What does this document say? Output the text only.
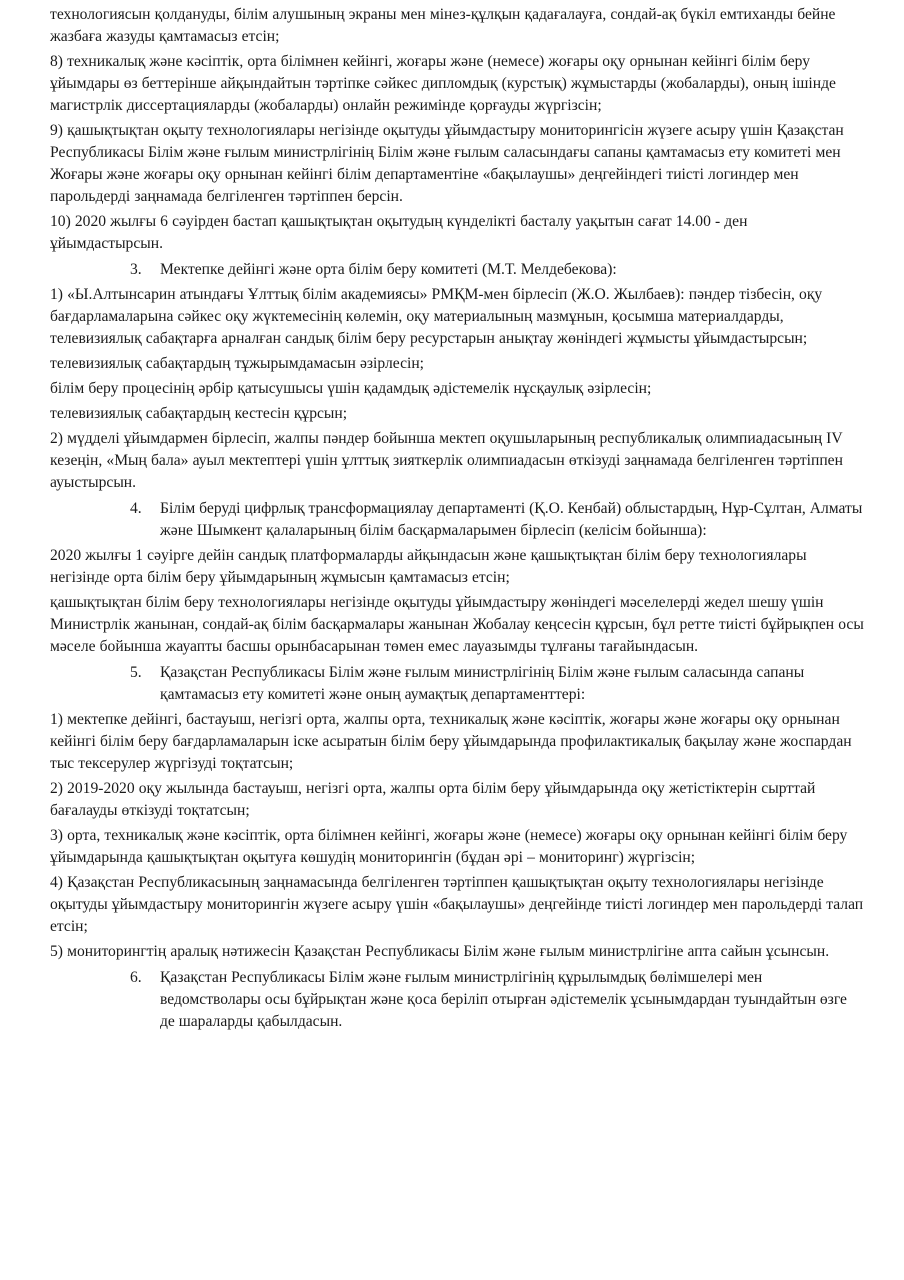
технологиясын қолдануды, білім алушының экраны мен мінез-құлқын қадағалауға, сондай-ақ бүкіл емтиханды бейне жазбаға жазуды қамтамасыз етсін;

8) техникалық және кәсіптік, орта білімнен кейінгі, жоғары және (немесе) жоғары оқу орнынан кейінгі білім беру ұйымдары өз беттерінше айқындайтын тәртіпке сәйкес дипломдық (курстық) жұмыстарды (жобаларды), оның ішінде магистрлік диссертацияларды (жобаларды) онлайн режимінде қорғауды жүргізсін;

9) қашықтықтан оқыту технологиялары негізінде оқытуды ұйымдастыру мониторингісін жүзеге асыру үшін Қазақстан Республикасы Білім және ғылым министрлігінің Білім және ғылым саласындағы сапаны қамтамасыз ету комитеті мен Жоғары және жоғары оқу орнынан кейінгі білім департаментіне «бақылаушы» деңгейіндегі тиісті логиндер мен парольдерді заңнамада белгіленген тәртіппен берсін.

10) 2020 жылғы 6 сәуірден бастап қашықтықтан оқытудың күнделікті басталу уақытын сағат 14.00 - ден ұйымдастырсын.

3. Мектепке дейінгі және орта білім беру комитеті (М.Т. Мелдебекова):

1) «Ы.Алтынсарин атындағы Ұлттық білім академиясы» РМҚМ-мен бірлесіп (Ж.О. Жылбаев): пәндер тізбесін, оқу бағдарламаларына сәйкес оқу жүктемесінің көлемін, оқу материалының мазмұнын, қосымша материалдарды, телевизиялық сабақтарға арналған сандық білім беру ресурстарын анықтау жөніндегі жұмысты ұйымдастырсын;

телевизиялық сабақтардың тұжырымдамасын әзірлесін;

білім беру процесінің әрбір қатысушысы үшін қадамдық әдістемелік нұсқаулық әзірлесін;

телевизиялық сабақтардың кестесін құрсын;

2) мүдделі ұйымдармен бірлесіп, жалпы пәндер бойынша мектеп оқушыларының республикалық олимпиадасының IV кезеңін, «Мың бала» ауыл мектептері үшін ұлттық зияткерлік олимпиадасын өткізуді заңнамада белгіленген тәртіппен ауыстырсын.

4. Білім беруді цифрлық трансформациялау департаменті (Қ.О. Кенбай) облыстардың, Нұр-Сұлтан, Алматы және Шымкент қалаларының білім басқармаларымен бірлесіп (келісім бойынша):

2020 жылғы 1 сәуірге дейін сандық платформаларды айқындасын және қашықтықтан білім беру технологиялары негізінде орта білім беру ұйымдарының жұмысын қамтамасыз етсін;

қашықтықтан білім беру технологиялары негізінде оқытуды ұйымдастыру жөніндегі мәселелерді жедел шешу үшін Министрлік жанынан, сондай-ақ білім басқармалары жанынан Жобалау кеңсесін құрсын, бұл ретте тиісті бұйрықпен осы мәселе бойынша жауапты басшы орынбасарынан төмен емес лауазымды тұлғаны тағайындасын.

5. Қазақстан Республикасы Білім және ғылым министрлігінің Білім және ғылым саласында сапаны қамтамасыз ету комитеті және оның аумақтық департаменттері:

1) мектепке дейінгі, бастауыш, негізгі орта, жалпы орта, техникалық және кәсіптік, жоғары және жоғары оқу орнынан кейінгі білім беру бағдарламаларын іске асыратын білім беру ұйымдарында профилактикалық бақылау және жоспардан тыс тексерулер жүргізуді тоқтатсын;

2) 2019-2020 оқу жылында бастауыш, негізгі орта, жалпы орта білім беру ұйымдарында оқу жетістіктерін сырттай бағалауды өткізуді тоқтатсын;

3) орта, техникалық және кәсіптік, орта білімнен кейінгі, жоғары және (немесе) жоғары оқу орнынан кейінгі білім беру ұйымдарында қашықтықтан оқытуға көшудің мониторингін (бұдан әрі – мониторинг) жүргізсін;

4) Қазақстан Республикасының заңнамасында белгіленген тәртіппен қашықтықтан оқыту технологиялары негізінде оқытуды ұйымдастыру мониторингін жүзеге асыру үшін «бақылаушы» деңгейінде тиісті логиндер мен парольдерді талап етсін;

5) мониторингтің аралық нәтижесін Қазақстан Республикасы Білім және ғылым министрлігіне апта сайын ұсынсын.

6. Қазақстан Республикасы Білім және ғылым министрлігінің құрылымдық бөлімшелері мен ведомстволары осы бұйрықтан және қоса беріліп отырған әдістемелік ұсынымдардан туындайтын өзге де шараларды қабылдасын.
